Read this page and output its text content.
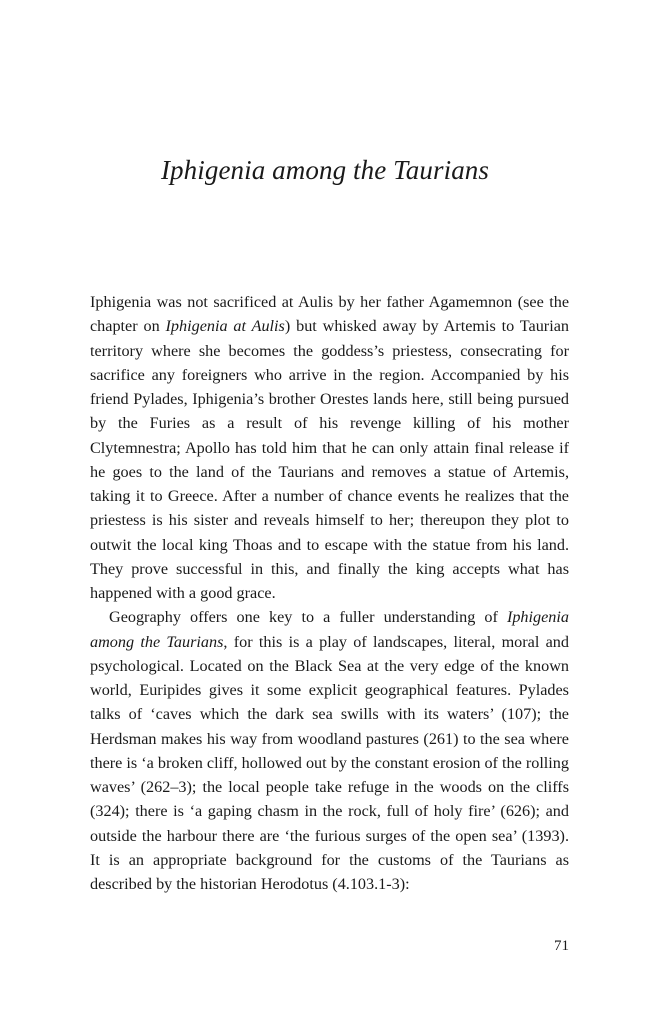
Iphigenia among the Taurians

Iphigenia was not sacrificed at Aulis by her father Agamemnon (see the chapter on Iphigenia at Aulis) but whisked away by Artemis to Taurian territory where she becomes the goddess’s priestess, consecrating for sacrifice any foreigners who arrive in the region. Accompanied by his friend Pylades, Iphigenia’s brother Orestes lands here, still being pursued by the Furies as a result of his revenge killing of his mother Clytemnestra; Apollo has told him that he can only attain final release if he goes to the land of the Taurians and removes a statue of Artemis, taking it to Greece. After a number of chance events he realizes that the priestess is his sister and reveals himself to her; thereupon they plot to outwit the local king Thoas and to escape with the statue from his land. They prove successful in this, and finally the king accepts what has happened with a good grace.

Geography offers one key to a fuller understanding of Iphigenia among the Taurians, for this is a play of landscapes, literal, moral and psychological. Located on the Black Sea at the very edge of the known world, Euripides gives it some explicit geographical features. Pylades talks of ‘caves which the dark sea swills with its waters’ (107); the Herdsman makes his way from woodland pastures (261) to the sea where there is ‘a broken cliff, hollowed out by the constant erosion of the rolling waves’ (262–3); the local people take refuge in the woods on the cliffs (324); there is ‘a gaping chasm in the rock, full of holy fire’ (626); and outside the harbour there are ‘the furious surges of the open sea’ (1393). It is an appropriate background for the customs of the Taurians as described by the historian Herodotus (4.103.1-3):

71
